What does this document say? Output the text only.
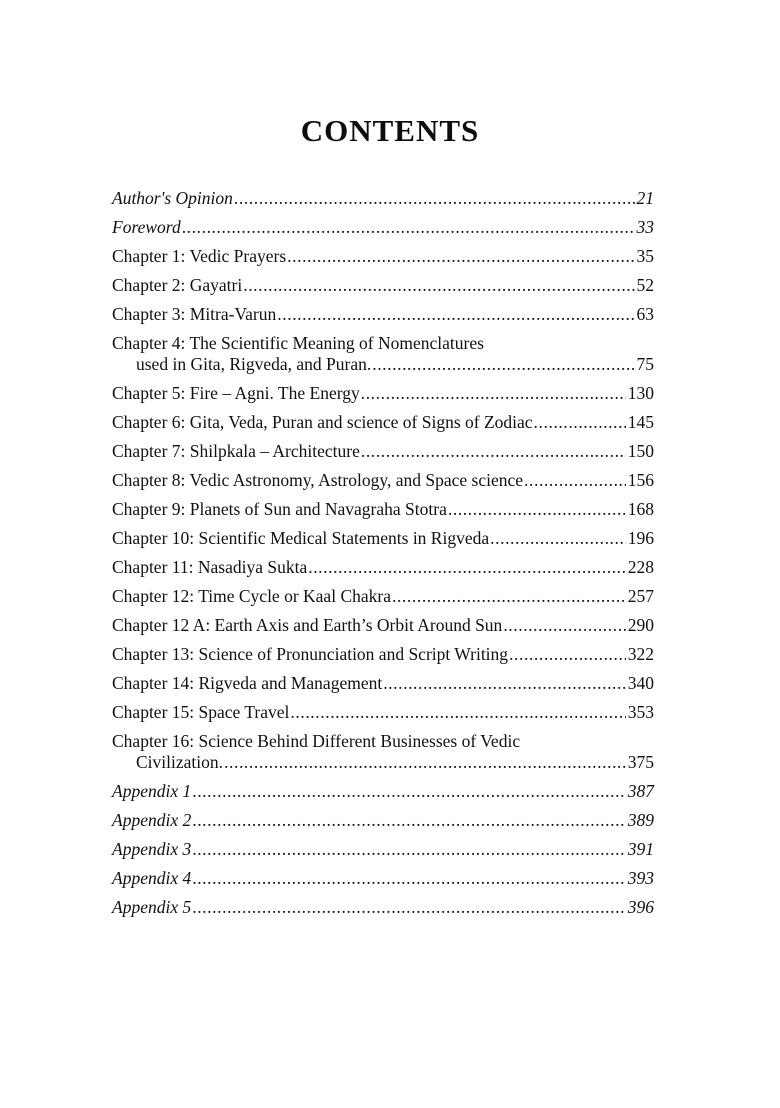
CONTENTS
Author's Opinion .....	21
Foreword .....	33
Chapter 1: Vedic Prayers .....	35
Chapter 2: Gayatri .....	52
Chapter 3: Mitra-Varun .....	63
Chapter 4: The Scientific Meaning of Nomenclatures
used in Gita, Rigveda, and Puran. .....	75
Chapter 5: Fire – Agni. The Energy .....	130
Chapter 6: Gita, Veda, Puran and science of Signs of Zodiac .....	145
Chapter 7: Shilpkala – Architecture .....	150
Chapter 8: Vedic Astronomy, Astrology, and Space science .....	156
Chapter 9: Planets of Sun and Navagraha Stotra .....	168
Chapter 10: Scientific Medical Statements in Rigveda .....	196
Chapter 11: Nasadiya Sukta .....	228
Chapter 12: Time Cycle or Kaal Chakra .....	257
Chapter 12 A: Earth Axis and Earth’s Orbit Around Sun .....	290
Chapter 13: Science of Pronunciation and Script Writing .....	322
Chapter 14: Rigveda and Management .....	340
Chapter 15: Space Travel .....	353
Chapter 16: Science Behind Different Businesses of Vedic
Civilization. .....	375
Appendix 1 .....	387
Appendix 2 .....	389
Appendix 3 .....	391
Appendix 4 .....	393
Appendix 5 .....	396
